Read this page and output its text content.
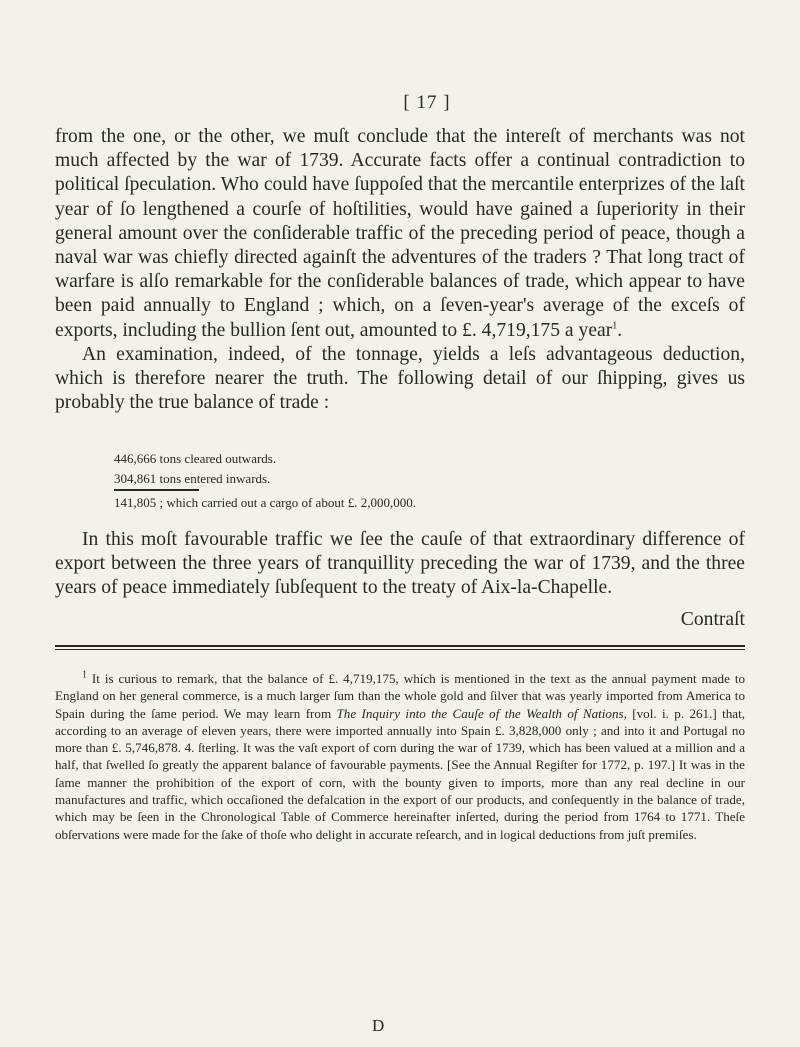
[ 17 ]

from the one, or the other, we muſt conclude that the intereſt of merchants was not much affected by the war of 1739. Accurate facts offer a continual contradiction to political ſpeculation. Who could have ſuppoſed that the mercantile enterprizes of the laſt year of ſo lengthened a courſe of hoſtilities, would have gained a ſuperiority in their general amount over the conſiderable traffic of the preceding period of peace, though a naval war was chiefly directed againſt the adventures of the traders ? That long tract of warfare is alſo remarkable for the conſiderable balances of trade, which appear to have been paid annually to England ; which, on a ſeven-year's average of the exceſs of exports, including the bullion ſent out, amounted to £. 4,719,175 a year$^1$.

An examination, indeed, of the tonnage, yields a leſs advantageous deduction, which is therefore nearer the truth. The following detail of our ſhipping, gives us probably the true balance of trade :

446,666 tons cleared outwards.
304,861 tons entered inwards.
141,805 ; which carried out a cargo of about £. 2,000,000.

In this moſt favourable traffic we ſee the cauſe of that extraordinary difference of export between the three years of tranquillity preceding the war of 1739, and the three years of peace immediately ſubſequent to the treaty of Aix-la-Chapelle.

Contraſt

$^1$ It is curious to remark, that the balance of £. 4,719,175, which is mentioned in the text as the annual payment made to England on her general commerce, is a much larger ſum than the whole gold and ſilver that was yearly imported from America to Spain during the ſame period. We may learn from The Inquiry into the Cauſe of the Wealth of Nations, [vol. i. p. 261.] that, according to an average of eleven years, there were imported annually into Spain £. 3,828,000 only ; and into it and Portugal no more than £. 5,746,878. 4. ſterling. It was the vaſt export of corn during the war of 1739, which has been valued at a million and a half, that ſwelled ſo greatly the apparent balance of favourable payments. [See the Annual Regiſter for 1772, p. 197.] It was in the ſame manner the prohibition of the export of corn, with the bounty given to imports, more than any real decline in our manufactures and traffic, which occaſioned the defalcation in the export of our products, and conſequently in the balance of trade, which may be ſeen in the Chronological Table of Commerce hereinafter inſerted, during the period from 1764 to 1771. Theſe obſervations were made for the ſake of thoſe who delight in accurate reſearch, and in logical deductions from juſt premiſes.

D
